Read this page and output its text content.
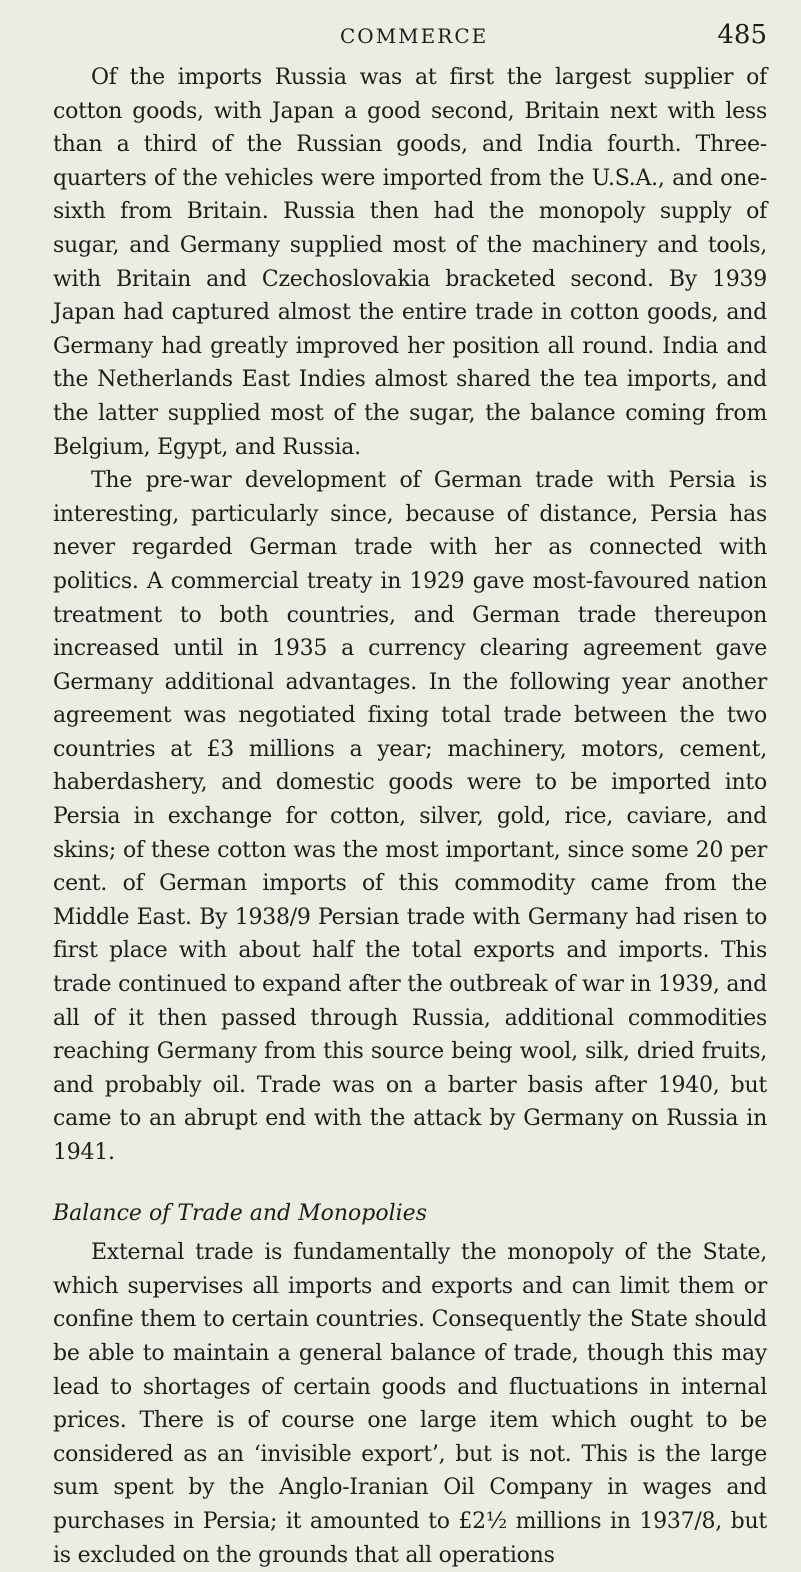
COMMERCE	485

Of the imports Russia was at first the largest supplier of cotton goods, with Japan a good second, Britain next with less than a third of the Russian goods, and India fourth. Three-quarters of the vehicles were imported from the U.S.A., and one-sixth from Britain. Russia then had the monopoly supply of sugar, and Germany supplied most of the machinery and tools, with Britain and Czechoslovakia bracketed second. By 1939 Japan had captured almost the entire trade in cotton goods, and Germany had greatly improved her position all round. India and the Netherlands East Indies almost shared the tea imports, and the latter supplied most of the sugar, the balance coming from Belgium, Egypt, and Russia.

The pre-war development of German trade with Persia is interesting, particularly since, because of distance, Persia has never regarded German trade with her as connected with politics. A commercial treaty in 1929 gave most-favoured nation treatment to both countries, and German trade thereupon increased until in 1935 a currency clearing agreement gave Germany additional advantages. In the following year another agreement was negotiated fixing total trade between the two countries at £3 millions a year; machinery, motors, cement, haberdashery, and domestic goods were to be imported into Persia in exchange for cotton, silver, gold, rice, caviare, and skins; of these cotton was the most important, since some 20 per cent. of German imports of this commodity came from the Middle East. By 1938/9 Persian trade with Germany had risen to first place with about half the total exports and imports. This trade continued to expand after the outbreak of war in 1939, and all of it then passed through Russia, additional commodities reaching Germany from this source being wool, silk, dried fruits, and probably oil. Trade was on a barter basis after 1940, but came to an abrupt end with the attack by Germany on Russia in 1941.

Balance of Trade and Monopolies

External trade is fundamentally the monopoly of the State, which supervises all imports and exports and can limit them or confine them to certain countries. Consequently the State should be able to maintain a general balance of trade, though this may lead to shortages of certain goods and fluctuations in internal prices. There is of course one large item which ought to be considered as an ‘invisible export’, but is not. This is the large sum spent by the Anglo-Iranian Oil Company in wages and purchases in Persia; it amounted to £2½ millions in 1937/8, but is excluded on the grounds that all operations
